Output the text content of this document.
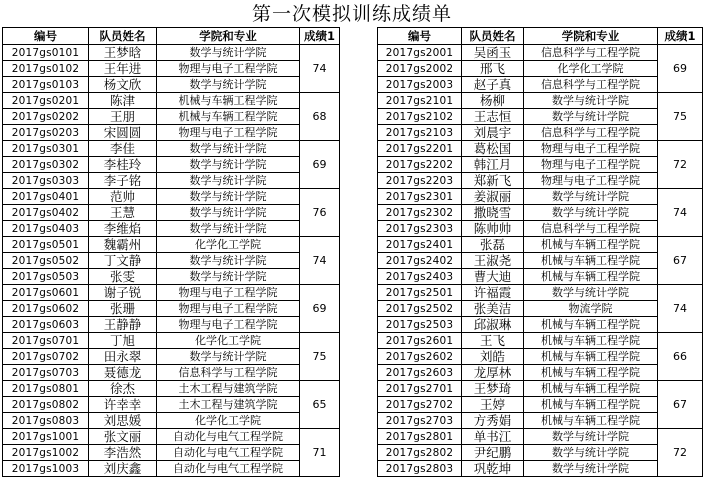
第一次模拟训练成绩单
编号	队员姓名	学院和专业	成绩1
2017gs0101	王梦晗	数学与统计学院	74
2017gs0102	王年进	物理与电子工程学院	
2017gs0103	杨文欣	数学与统计学院	
2017gs0201	陈津	机械与车辆工程学院	68
2017gs0202	王朋	机械与车辆工程学院	
2017gs0203	宋圆圆	物理与电子工程学院	
2017gs0301	李佳	数学与统计学院	69
2017gs0302	李桂玲	数学与统计学院	
2017gs0303	李子铭	数学与统计学院	
2017gs0401	范帅	数学与统计学院	76
2017gs0402	王慧	数学与统计学院	
2017gs0403	李维焰	数学与统计学院	
2017gs0501	魏霸州	化学化工学院	74
2017gs0502	丁文静	数学与统计学院	
2017gs0503	张雯	数学与统计学院	
2017gs0601	谢子锐	物理与电子工程学院	69
2017gs0602	张珊	物理与电子工程学院	
2017gs0603	王静静	物理与电子工程学院	
2017gs0701	丁旭	化学化工学院	75
2017gs0702	田永翠	数学与统计学院	
2017gs0703	聂德龙	信息科学与工程学院	
2017gs0801	徐杰	土木工程与建筑学院	65
2017gs0802	许幸幸	土木工程与建筑学院	
2017gs0803	刘思媛	化学化工学院	
2017gs1001	张文丽	自动化与电气工程学院	71
2017gs1002	李浩然	自动化与电气工程学院	
2017gs1003	刘庆鑫	自动化与电气工程学院	
编号	队员姓名	学院和专业	成绩1
2017gs2001	吴函玉	信息科学与工程学院	69
2017gs2002	邢飞	化学化工学院	
2017gs2003	赵子真	信息科学与工程学院	
2017gs2101	杨柳	数学与统计学院	75
2017gs2102	王志恒	数学与统计学院	
2017gs2103	刘晨宇	信息科学与工程学院	
2017gs2201	葛松国	物理与电子工程学院	72
2017gs2202	韩江月	物理与电子工程学院	
2017gs2203	郑新飞	物理与电子工程学院	
2017gs2301	姜淑丽	数学与统计学院	74
2017gs2302	撒晓雪	数学与统计学院	
2017gs2303	陈帅帅	信息科学与工程学院	
2017gs2401	张磊	机械与车辆工程学院	67
2017gs2402	王淑尧	机械与车辆工程学院	
2017gs2403	曹大迪	机械与车辆工程学院	
2017gs2501	许福霞	数学与统计学院	74
2017gs2502	张美洁	物流学院	
2017gs2503	邱淑琳	机械与车辆工程学院	
2017gs2601	王飞	机械与车辆工程学院	66
2017gs2602	刘皓	机械与车辆工程学院	
2017gs2603	龙厚林	机械与车辆工程学院	
2017gs2701	王梦琦	机械与车辆工程学院	67
2017gs2702	王婷	机械与车辆工程学院	
2017gs2703	方秀娟	机械与车辆工程学院	
2017gs2801	单书江	数学与统计学院	72
2017gs2802	尹纪鹏	数学与统计学院	
2017gs2803	巩乾坤	数学与统计学院	
